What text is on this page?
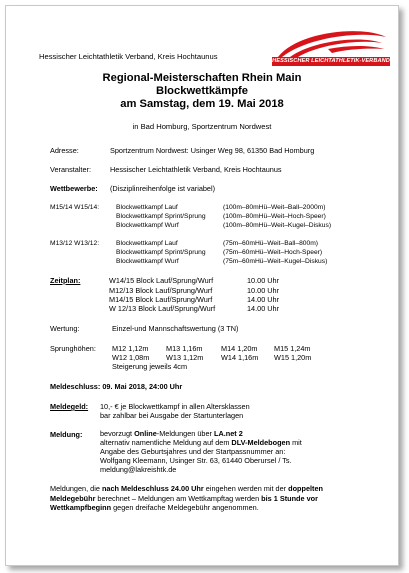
HESSISCHER LEICHTATHLETIK-VERBAND
Hessischer Leichtathletik Verband, Kreis Hochtaunus
Regional-Meisterschaften Rhein Main
Blockwettkämpfe
am Samstag, dem 19. Mai 2018
in Bad Homburg, Sportzentrum Nordwest
Adresse:	Sportzentrum Nordwest: Usinger Weg 98, 61350 Bad Homburg
Veranstalter:	Hessischer Leichtathletik Verband, Kreis Hochtaunus
Wettbewerbe: (Disziplinreihenfolge ist variabel)
M15/14 W15/14:	Blockwettkampf Lauf	(100m–80mHü–Weit–Ball–2000m)
Blockwettkampf Sprint/Sprung	(100m–80mHü–Weit–Hoch-Speer)
Blockwettkampf Wurf	(100m–80mHü–Weit–Kugel–Diskus)
M13/12 W13/12:	Blockwettkampf Lauf	(75m–60mHü–Weit–Ball–800m)
Blockwettkampf Sprint/Sprung	(75m–60mHü–Weit–Hoch-Speer)
Blockwettkampf Wurf	(75m–60mHü–Weit–Kugel–Diskus)
Zeitplan:	W14/15 Block Lauf/Sprung/Wurf	10.00 Uhr
M12/13 Block Lauf/Sprung/Wurf	10.00 Uhr
M14/15 Block Lauf/Sprung/Wurf	14.00 Uhr
W 12/13 Block Lauf/Sprung/Wurf	14.00 Uhr
Wertung:	Einzel-und Mannschaftswertung (3 TN)
Sprunghöhen: M12 1,12m M13 1,16m	M14 1,20m M15 1,24m
W12 1,08m W13 1,12m W14 1,16m W15 1,20m
Steigerung jeweils 4cm
Meldeschluss: 09. Mai 2018, 24:00 Uhr
Meldegeld: 10,- € je Blockwettkampf in allen Altersklassen
bar zahlbar bei Ausgabe der Startunterlagen
Meldung: bevorzugt Online-Meldungen über LA.net 2
alternativ namentliche Meldung auf dem DLV-Meldebogen mit
Angabe des Geburtsjahres und der Startpassnummer an:
Wolfgang Kleemann, Usinger Str. 63, 61440 Oberursel / Ts.
meldung@lakreishtk.de
Meldungen, die nach Meldeschluss 24.00 Uhr eingehen werden mit der doppelten
Meldegebühr berechnet – Meldungen am Wettkampftag werden bis 1 Stunde vor
Wettkampfbeginn gegen dreifache Meldegebühr angenommen.
